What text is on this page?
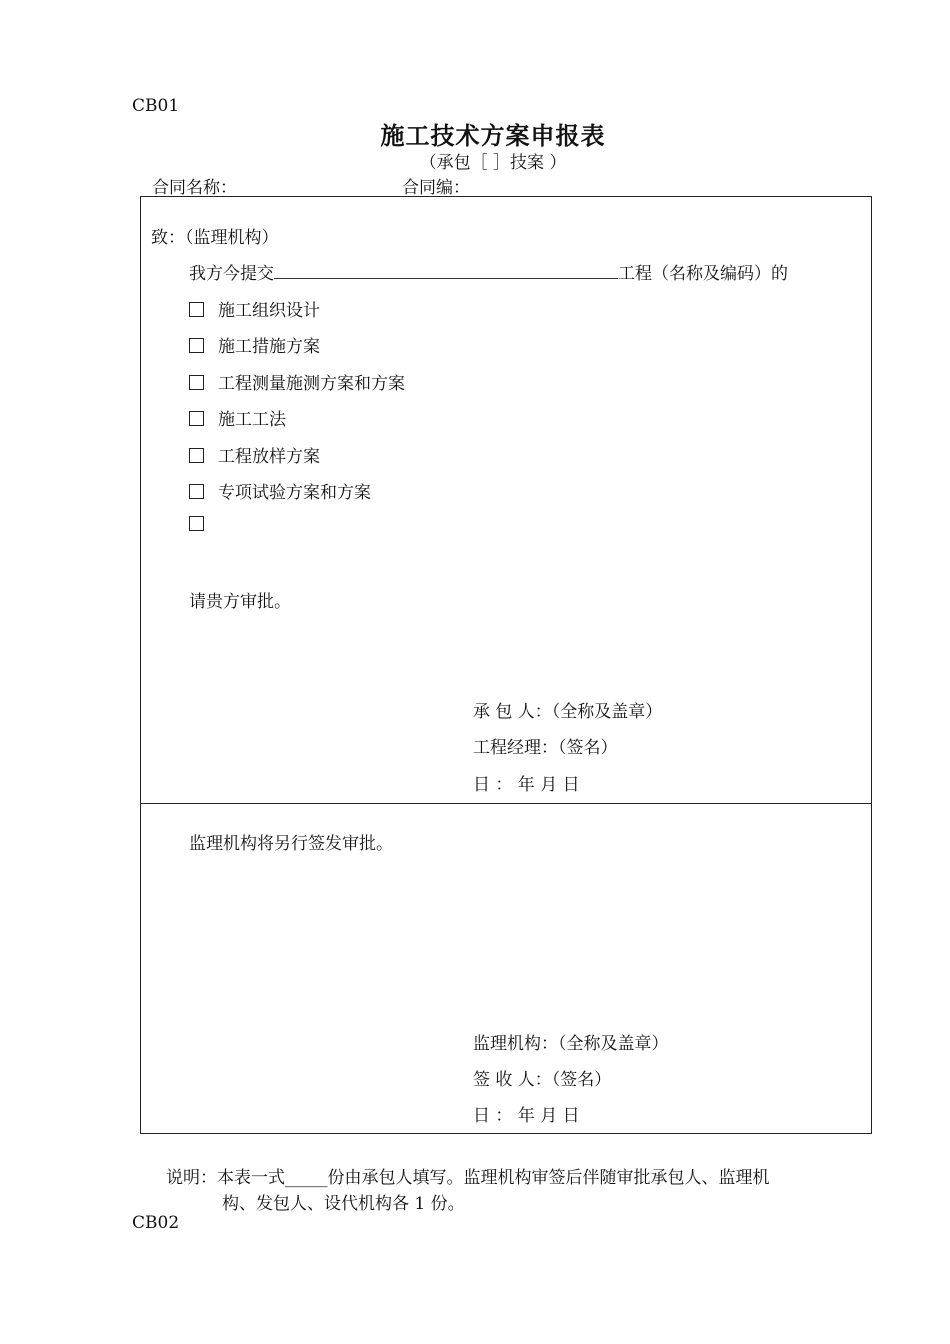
CB01
施工技术方案申报表
（承包［ ］技案 ）
合同名称：	合同编：
致：（监理机构）
我方今提交	工程（名称及编码）的
施工组织设计
施工措施方案
工程测量施测方案和方案
施工工法
工程放样方案
专项试验方案和方案
请贵方审批。
承 包 人：（全称及盖章）
工程经理：（签名）
日 ： 年 月 日
监理机构将另行签发审批。
监理机构：（全称及盖章）
签 收 人：（签名）
日 ： 年 月 日
说明：本表一式_____份由承包人填写。监理机构审签后伴随审批承包人、监理机
构、发包人、设代机构各 1 份。
CB02
